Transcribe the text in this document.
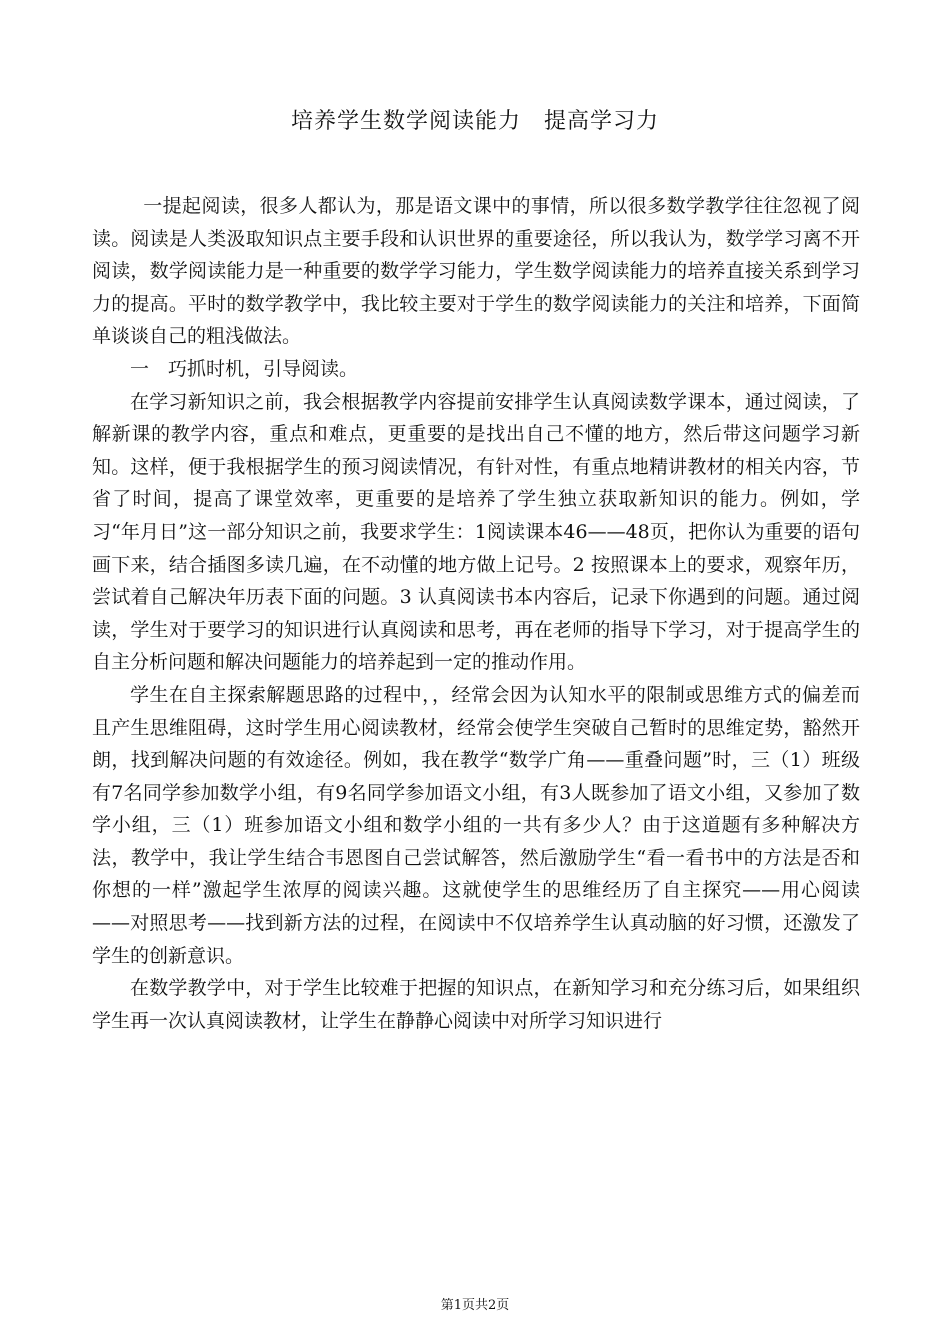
培养学生数学阅读能力　提高学习力

一提起阅读，很多人都认为，那是语文课中的事情，所以很多数学教学往往忽视了阅读。阅读是人类汲取知识点主要手段和认识世界的重要途径，所以我认为，数学学习离不开阅读，数学阅读能力是一种重要的数学学习能力，学生数学阅读能力的培养直接关系到学习力的提高。平时的数学教学中，我比较主要对于学生的数学阅读能力的关注和培养，下面简单谈谈自己的粗浅做法。

一　巧抓时机，引导阅读。

在学习新知识之前，我会根据教学内容提前安排学生认真阅读数学课本，通过阅读，了解新课的教学内容，重点和难点，更重要的是找出自己不懂的地方，然后带这问题学习新知。这样，便于我根据学生的预习阅读情况，有针对性，有重点地精讲教材的相关内容，节省了时间，提高了课堂效率，更重要的是培养了学生独立获取新知识的能力。例如，学习“年月日”这一部分知识之前，我要求学生：1阅读课本46——48页，把你认为重要的语句画下来，结合插图多读几遍，在不动懂的地方做上记号。2 按照课本上的要求，观察年历，尝试着自己解决年历表下面的问题。3 认真阅读书本内容后，记录下你遇到的问题。通过阅读，学生对于要学习的知识进行认真阅读和思考，再在老师的指导下学习，对于提高学生的自主分析问题和解决问题能力的培养起到一定的推动作用。

学生在自主探索解题思路的过程中，，经常会因为认知水平的限制或思维方式的偏差而且产生思维阻碍，这时学生用心阅读教材，经常会使学生突破自己暂时的思维定势，豁然开朗，找到解决问题的有效途径。例如，我在教学“数学广角——重叠问题”时，三（1）班级有7名同学参加数学小组，有9名同学参加语文小组，有3人既参加了语文小组，又参加了数学小组，三（1）班参加语文小组和数学小组的一共有多少人？由于这道题有多种解决方法，教学中，我让学生结合韦恩图自己尝试解答，然后激励学生“看一看书中的方法是否和你想的一样”激起学生浓厚的阅读兴趣。这就使学生的思维经历了自主探究——用心阅读——对照思考——找到新方法的过程，在阅读中不仅培养学生认真动脑的好习惯，还激发了学生的创新意识。

在数学教学中，对于学生比较难于把握的知识点，在新知学习和充分练习后，如果组织学生再一次认真阅读教材，让学生在静静心阅读中对所学习知识进行

第1页共2页
